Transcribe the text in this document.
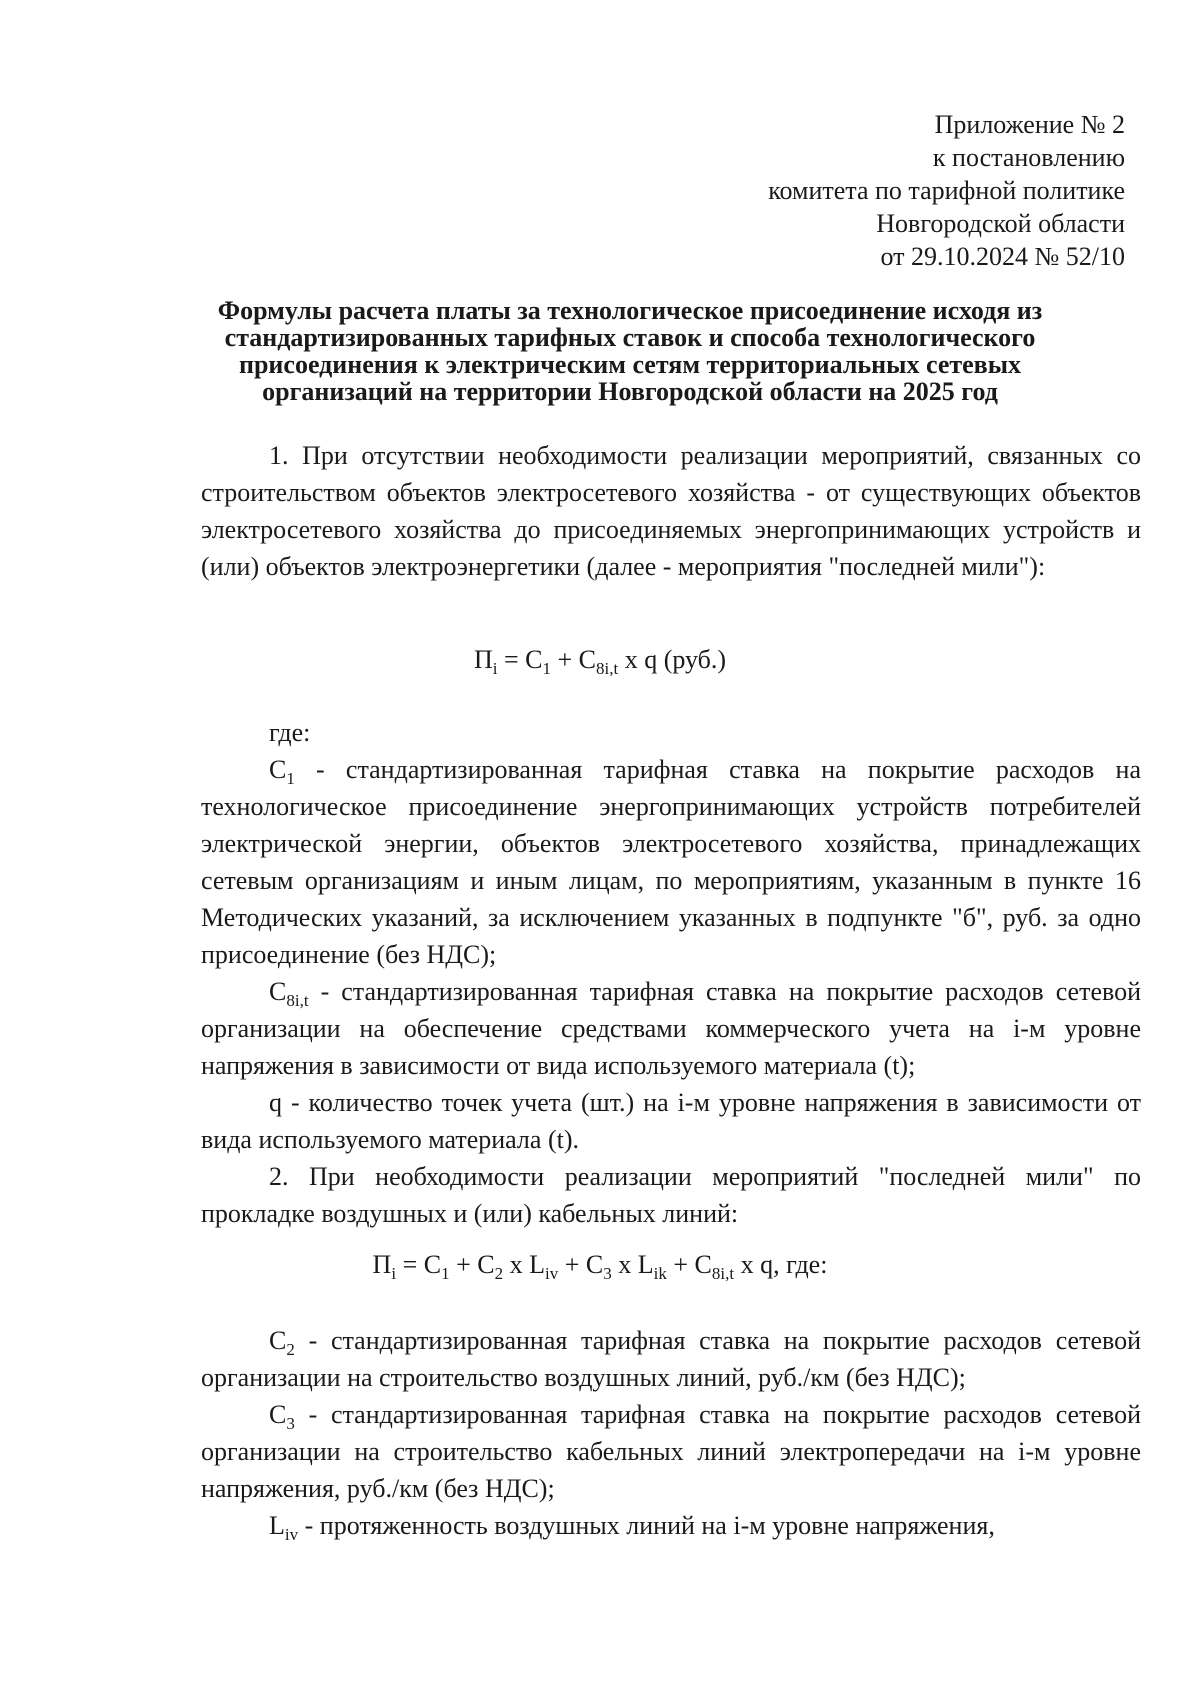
Приложение № 2
к постановлению
комитета по тарифной политике
Новгородской области
от 29.10.2024 № 52/10
Формулы расчета платы за технологическое присоединение исходя из
стандартизированных тарифных ставок и способа технологического
присоединения к электрическим сетям территориальных сетевых
организаций на территории Новгородской области на 2025 год

1. При отсутствии необходимости реализации мероприятий, связанных со строительством объектов электросетевого хозяйства - от существующих объектов электросетевого хозяйства до присоединяемых энергопринимающих устройств и (или) объектов электроэнергетики (далее - мероприятия "последней мили"):

$П_i = С_1 + С_{8i,t}$ х q (руб.)

где:

$С_1$ - стандартизированная тарифная ставка на покрытие расходов на технологическое присоединение энергопринимающих устройств потребителей электрической энергии, объектов электросетевого хозяйства, принадлежащих сетевым организациям и иным лицам, по мероприятиям, указанным в пункте 16 Методических указаний, за исключением указанных в подпункте "б", руб. за одно присоединение (без НДС);

$С_{8i,t}$ - стандартизированная тарифная ставка на покрытие расходов сетевой организации на обеспечение средствами коммерческого учета на i-м уровне напряжения в зависимости от вида используемого материала (t);

q - количество точек учета (шт.) на i-м уровне напряжения в зависимости от вида используемого материала (t).

2. При необходимости реализации мероприятий "последней мили" по прокладке воздушных и (или) кабельных линий:

$П_i = С_1 + С_2$ х $L_{iv} + С_3$ х $L_{ik} + С_{8i,t}$ х q, где:

$С_2$ - стандартизированная тарифная ставка на покрытие расходов сетевой организации на строительство воздушных линий, руб./км (без НДС);

$С_3$ - стандартизированная тарифная ставка на покрытие расходов сетевой организации на строительство кабельных линий электропередачи на i-м уровне напряжения, руб./км (без НДС);

$L_{iv}$ - протяженность воздушных линий на i-м уровне напряжения,
